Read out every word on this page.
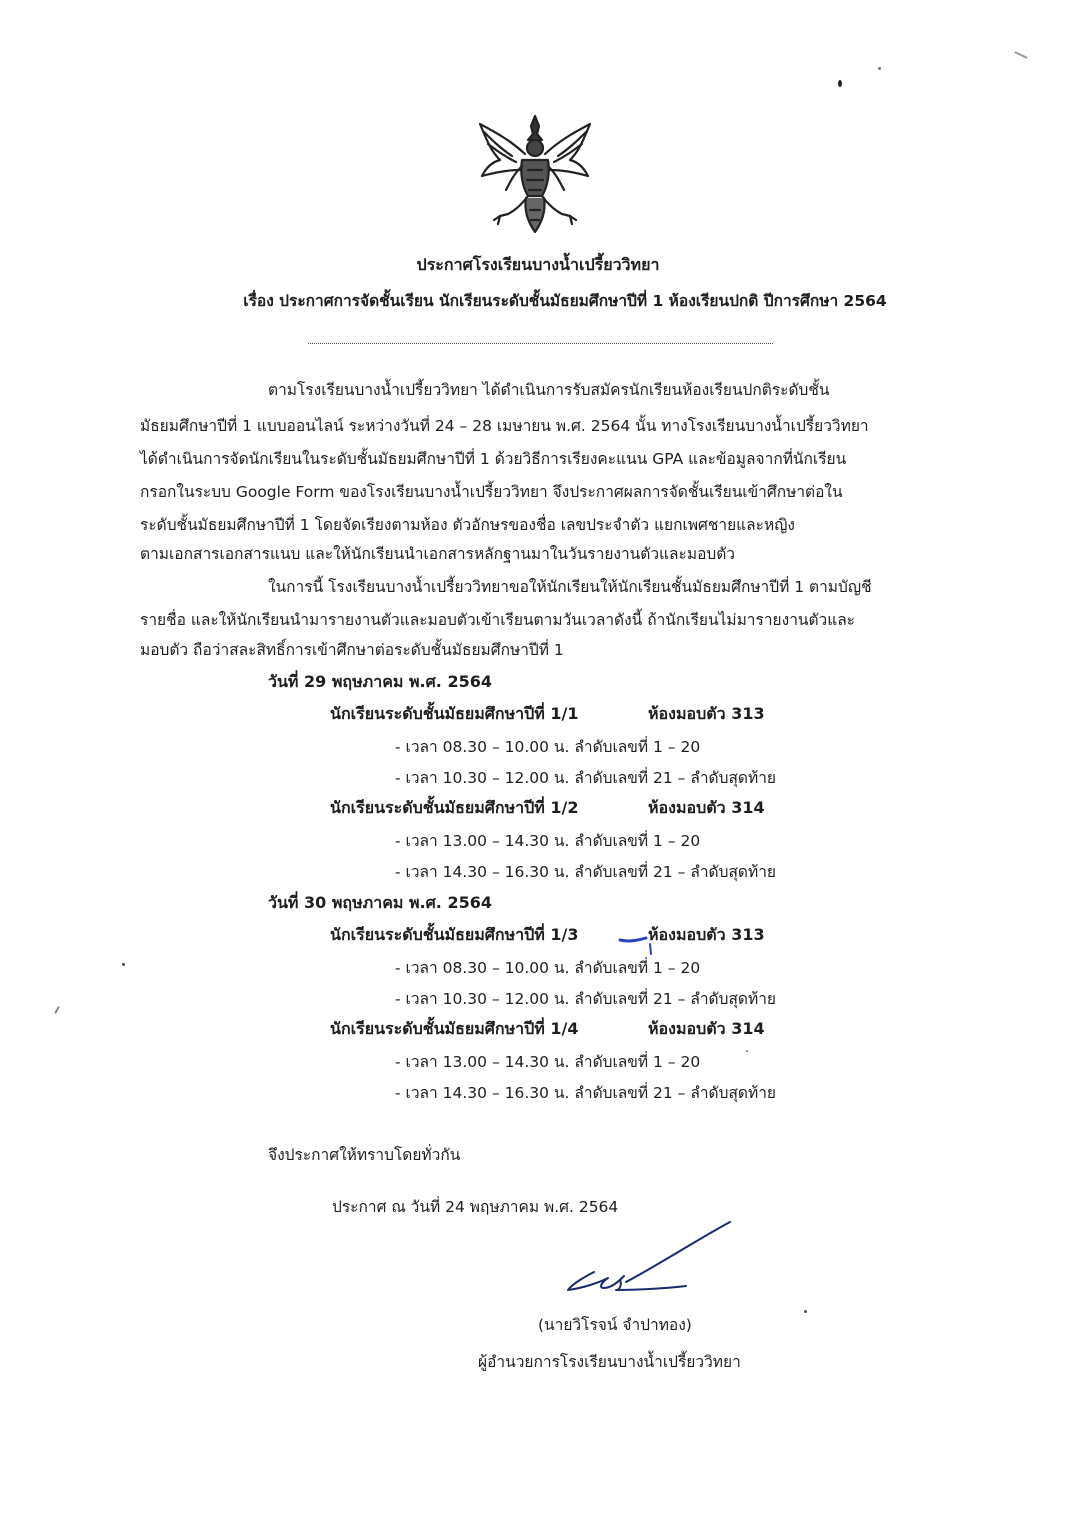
ประกาศโรงเรียนบางน้ำเปรี้ยววิทยา
เรื่อง ประกาศการจัดชั้นเรียน นักเรียนระดับชั้นมัธยมศึกษาปีที่ 1 ห้องเรียนปกติ ปีการศึกษา 2564
ตามโรงเรียนบางน้ำเปรี้ยววิทยา ได้ดำเนินการรับสมัครนักเรียนห้องเรียนปกติระดับชั้น
มัธยมศึกษาปีที่ 1 แบบออนไลน์ ระหว่างวันที่ 24 – 28 เมษายน พ.ศ. 2564 นั้น ทางโรงเรียนบางน้ำเปรี้ยววิทยา
ได้ดำเนินการจัดนักเรียนในระดับชั้นมัธยมศึกษาปีที่ 1 ด้วยวิธีการเรียงคะแนน GPA และข้อมูลจากที่นักเรียน
กรอกในระบบ Google Form ของโรงเรียนบางน้ำเปรี้ยววิทยา จึงประกาศผลการจัดชั้นเรียนเข้าศึกษาต่อใน
ระดับชั้นมัธยมศึกษาปีที่ 1 โดยจัดเรียงตามห้อง ตัวอักษรของชื่อ เลขประจำตัว แยกเพศชายและหญิง
ตามเอกสารเอกสารแนบ และให้นักเรียนนำเอกสารหลักฐานมาในวันรายงานตัวและมอบตัว
ในการนี้ โรงเรียนบางน้ำเปรี้ยววิทยาขอให้นักเรียนให้นักเรียนชั้นมัธยมศึกษาปีที่ 1 ตามบัญชี
รายชื่อ และให้นักเรียนนำมารายงานตัวและมอบตัวเข้าเรียนตามวันเวลาดังนี้ ถ้านักเรียนไม่มารายงานตัวและ
มอบตัว ถือว่าสละสิทธิ์การเข้าศึกษาต่อระดับชั้นมัธยมศึกษาปีที่ 1
วันที่ 29 พฤษภาคม พ.ศ. 2564
นักเรียนระดับชั้นมัธยมศึกษาปีที่ 1/1	ห้องมอบตัว 313
- เวลา 08.30 – 10.00 น. ลำดับเลขที่ 1 – 20
- เวลา 10.30 – 12.00 น. ลำดับเลขที่ 21 – ลำดับสุดท้าย
นักเรียนระดับชั้นมัธยมศึกษาปีที่ 1/2	ห้องมอบตัว 314
- เวลา 13.00 – 14.30 น. ลำดับเลขที่ 1 – 20
- เวลา 14.30 – 16.30 น. ลำดับเลขที่ 21 – ลำดับสุดท้าย
วันที่ 30 พฤษภาคม พ.ศ. 2564
นักเรียนระดับชั้นมัธยมศึกษาปีที่ 1/3	ห้องมอบตัว 313
- เวลา 08.30 – 10.00 น. ลำดับเลขที่ 1 – 20
- เวลา 10.30 – 12.00 น. ลำดับเลขที่ 21 – ลำดับสุดท้าย
นักเรียนระดับชั้นมัธยมศึกษาปีที่ 1/4	ห้องมอบตัว 314
- เวลา 13.00 – 14.30 น. ลำดับเลขที่ 1 – 20
- เวลา 14.30 – 16.30 น. ลำดับเลขที่ 21 – ลำดับสุดท้าย
จึงประกาศให้ทราบโดยทั่วกัน
ประกาศ ณ วันที่ 24 พฤษภาคม พ.ศ. 2564
(นายวิโรจน์ จำปาทอง)
ผู้อำนวยการโรงเรียนบางน้ำเปรี้ยววิทยา
